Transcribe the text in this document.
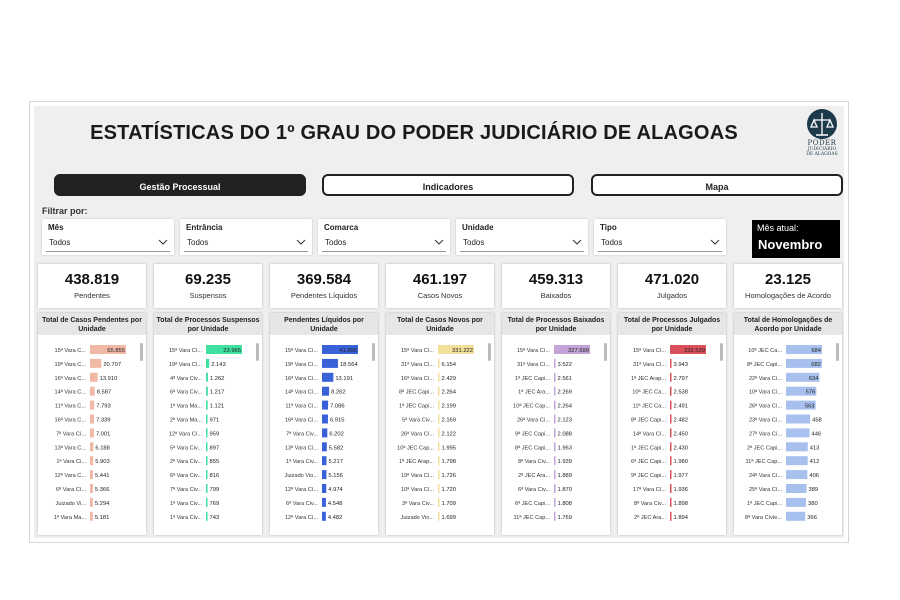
ESTATÍSTICAS DO 1º GRAU DO PODER JUDICIÁRIO DE ALAGOAS	PODER
JUDICIÁRIO
DE ALAGOAS
Gestão Processual	Indicadores	Mapa
Filtrar por:
Mês
Todos
Entrância
Todos
Comarca
Todos
Unidade
Todos
Tipo
Todos
Mês atual:
Novembro
438.819
Pendentes
Total de Casos Pendentes por Unidade
15ª Vara C...	65.855
19ª Vara C...	20.707
16ª Vara C... 13.910
14ª Vara C... 8.587
11ª Vara C... 7.793
16ª Vara C... 7.339
7ª Vara Cí... 7.001
13ª Vara C... 6.188
1ª Vara Ci... 5.903
12ª Vara C... 5.441
6ª Vara Cí... 5.366
Juizado Vi... 5.294
1ª Vara Ma... 5.181
69.235
Suspensos
Total de Processos Suspensos por Unidade
15ª Vara Cí...	23.965
19ª Vara Cí... 2.143
4ª Vara Civ... 1.262
6ª Vara Civ... 1.217
1ª Vara Ma... 1.121
2ª Vara Ma... 971
12ª Vara Cí... 959
5ª Vara Civ... 897
2ª Vara Civ... 855
6ª Vara Civ... 816
7ª Vara Civ... 799
1ª Vara Civ... 769
1ª Vara Civ... 743
369.584
Pendentes Líquidos
Pendentes Líquidos por Unidade
15ª Vara Cí...	41.890
19ª Vara Cí...	18.564
16ª Vara Cí...	13.191
14ª Vara Cí... 8.262
11ª Vara Cí... 7.086
16ª Vara Cí... 6.915
7ª Vara Civ... 6.202
13ª Vara Cí... 5.582
1ª Vara Civ... 5.217
Juizado Vio... 5.156
12ª Vara Cí... 4.974
6ª Vara Civ... 4.548
12ª Vara Cí... 4.482
461.197
Casos Novos
Total de Casos Novos por Unidade
15ª Vara Cí...	331.222
31ª Vara Cí... 6.154
16ª Vara Cí... 2.429
8ª JEC Capi... 2.264
1ª JEC Capi... 2.199
5ª Vara Civ... 2.169
26ª Vara Cí... 2.122
10ª JEC Cap... 1.995
1ª JEC Arap... 1.798
19ª Vara Cí... 1.726
10ª Vara Cí... 1.720
3ª Vara Civ... 1.709
Juizado Vio... 1.699
459.313
Baixados
Total de Processos Baixados por Unidade
15ª Vara Cí...	327.699
31ª Vara Cí... 3.522
1ª JEC Capi... 2.561
1ª JEC Ara... 2.269
10ª JEC Cap... 2.264
26ª Vara Cí... 2.123
9ª JEC Capi... 2.088
8ª JEC Capi... 1.963
8ª Vara Civ... 1.939
2ª JEC Ara... 1.889
6ª Vara Civ... 1.870
6ª JEC Capi... 1.808
11ª JEC Cap... 1.769
471.020
Julgados
Total de Processos Julgados por Unidade
15ª Vara Cí...	332.539
31ª Vara Cí... 3.943
1ª JEC Arap... 2.797
10ª JEC Ca... 2.538
11ª JEC Ca... 2.491
8ª JEC Capi... 2.482
14ª Vara Cí... 2.450
1ª JEC Capi... 2.430
6ª JEC Capi... 1.980
9ª JEC Capi... 1.977
17ª Vara Cí... 1.936
8ª Vara Civ... 1.898
2ª JEC Ara... 1.894
23.125
Homologações de Acordo
Total de Homologações de Acordo por Unidade
10ª JEC Ca...	684
8ª JEC Capi...	682
22ª Vara Cí...	634
10ª Vara Cí...	576
26ª Vara Cí...	563
23ª Vara Cí...	458
27ª Vara Cí...	446
2ª JEC Capi...	413
11ª JEC Cap...	412
24ª Vara Cí...	406
25ª Vara Cí...	389
1ª JEC Capi...	380
8ª Vara Cívle...	366
